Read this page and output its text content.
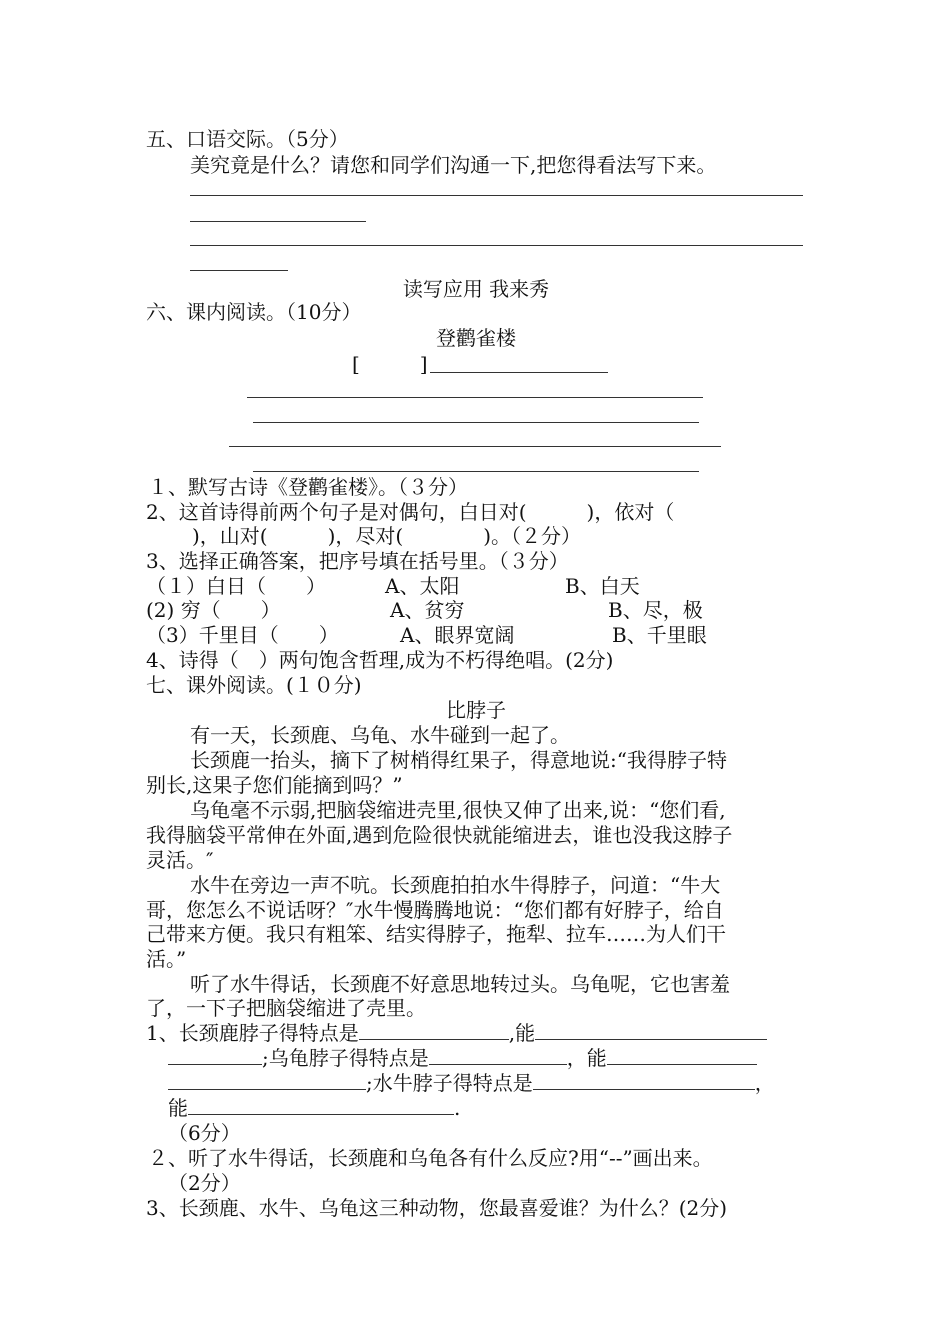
五、口语交际。（5分）
美究竟是什么？请您和同学们沟通一下,把您得看法写下来。
读写应用 我来秀
六、课内阅读。（10分）
登鹳雀楼
[　　　]
１、默写古诗《登鹳雀楼》。（３分）
2、这首诗得前两个句子是对偶句，白日对(　　　)，依对（
　)，山对(　　　)，尽对(　　　　)。（２分）
3、选择正确答案，把序号填在括号里。（３分）
（１）白日（　　）	A、太阳	B、白天
(2) 穷（　　）	A、贫穷	B、尽，极
（3）千里目（　　）	A、眼界宽阔	B、千里眼
4、诗得（　）两句饱含哲理,成为不朽得绝唱。(2分)
七、课外阅读。(１０分)
比脖子
有一天，长颈鹿、乌龟、水牛碰到一起了。
长颈鹿一抬头，摘下了树梢得红果子，得意地说:“我得脖子特
别长,这果子您们能摘到吗？”
乌龟毫不示弱,把脑袋缩进壳里,很快又伸了出来,说：“您们看,
我得脑袋平常伸在外面,遇到危险很快就能缩进去，谁也没我这脖子
灵活。″
水牛在旁边一声不吭。长颈鹿拍拍水牛得脖子，问道：“牛大
哥，您怎么不说话呀？″水牛慢腾腾地说：“您们都有好脖子，给自
己带来方便。我只有粗笨、结实得脖子，拖犁、拉车……为人们干
活。”
听了水牛得话，长颈鹿不好意思地转过头。乌龟呢，它也害羞
了，一下子把脑袋缩进了壳里。
1、长颈鹿脖子得特点是	,能
;乌龟脖子得特点是	，能
;水牛脖子得特点是	，
能	.
（6分）
２、听了水牛得话，长颈鹿和乌龟各有什么反应?用“--”画出来。
（2分）
3、长颈鹿、水牛、乌龟这三种动物，您最喜爱谁？为什么？(2分)
